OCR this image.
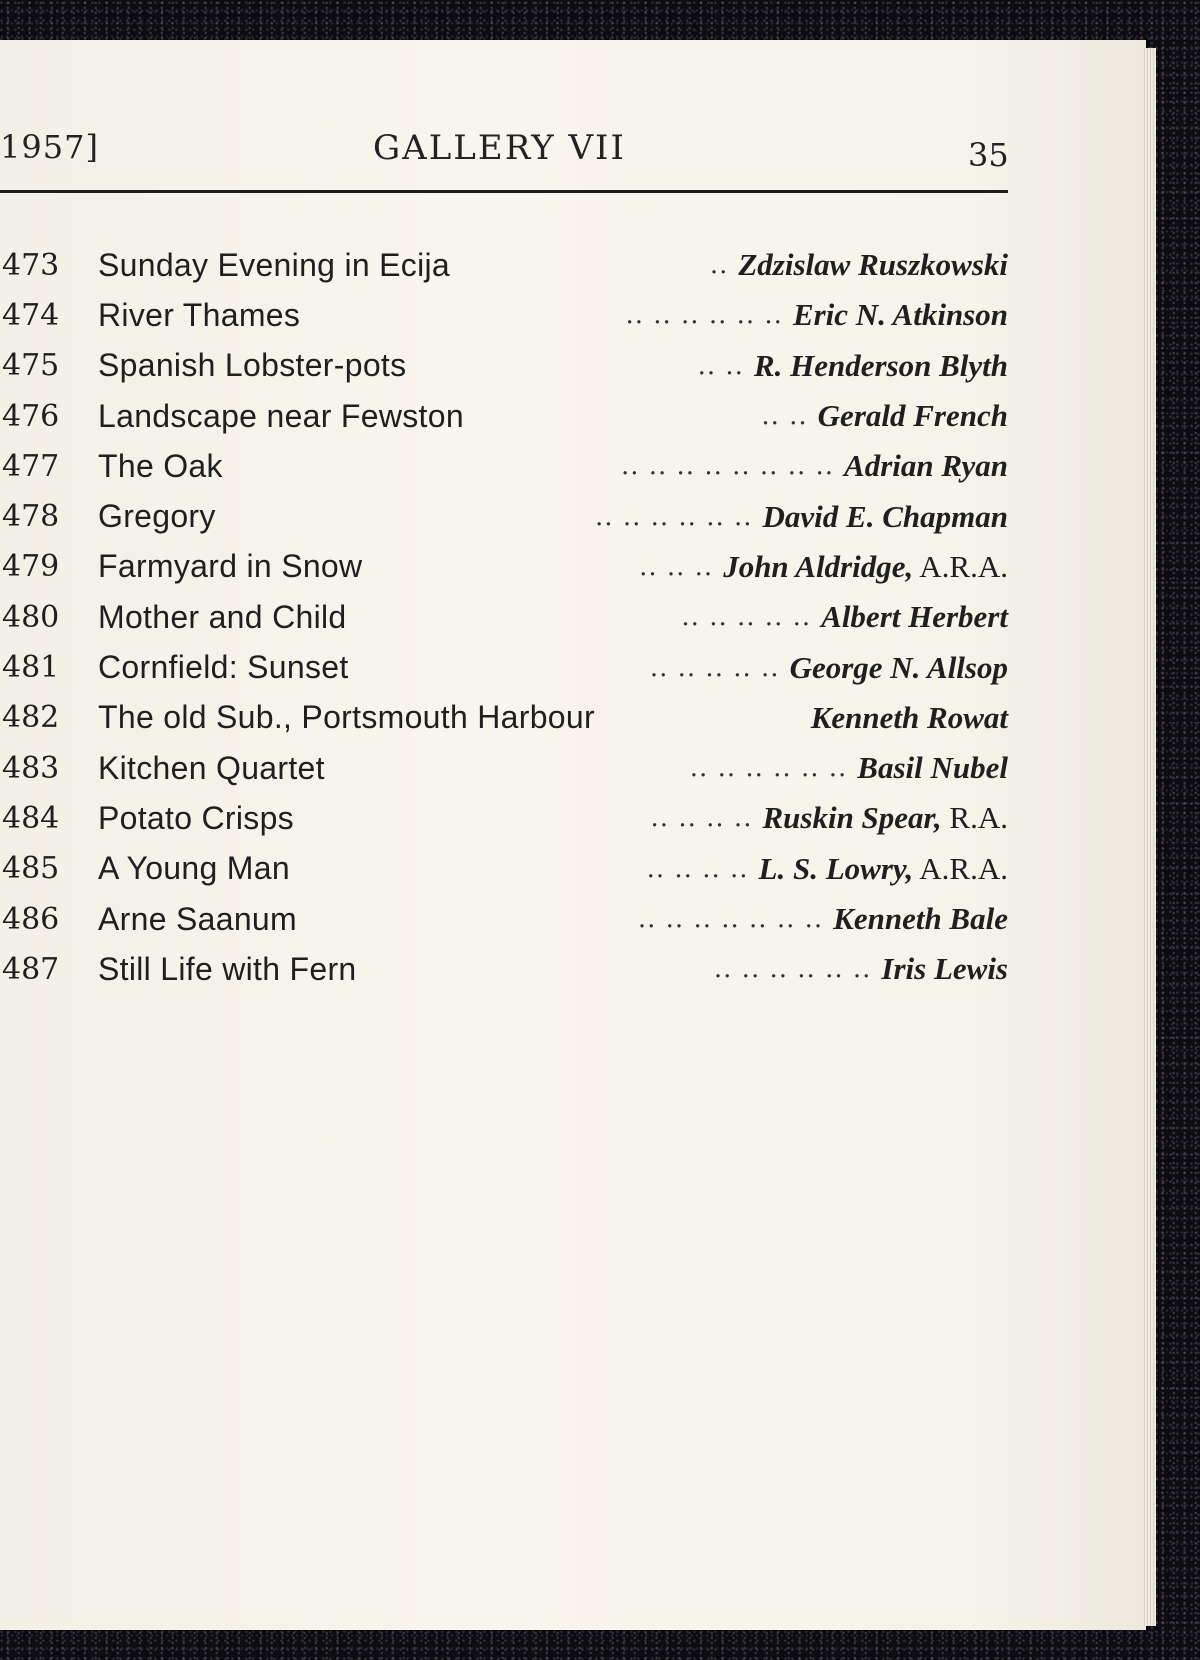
1957]	GALLERY VII	35
473	Sunday Evening in Ecija	.. Zdzislaw Ruszkowski
474	River Thames	.. .. .. .. .. .. Eric N. Atkinson
475	Spanish Lobster-pots	.. .. R. Henderson Blyth
476	Landscape near Fewston	.. .. Gerald French
477	The Oak	.. .. .. .. .. .. .. .. Adrian Ryan
478	Gregory	.. .. .. .. .. .. David E. Chapman
479	Farmyard in Snow	.. .. .. John Aldridge, A.R.A.
480	Mother and Child	.. .. .. .. .. Albert Herbert
481	Cornfield: Sunset	.. .. .. .. .. George N. Allsop
482	The old Sub., Portsmouth Harbour	Kenneth Rowat
483	Kitchen Quartet	.. .. .. .. .. .. Basil Nubel
484	Potato Crisps	.. .. .. .. Ruskin Spear, R.A.
485	A Young Man	.. .. .. .. L. S. Lowry, A.R.A.
486	Arne Saanum	.. .. .. .. .. .. .. Kenneth Bale
487	Still Life with Fern	.. .. .. .. .. .. Iris Lewis
